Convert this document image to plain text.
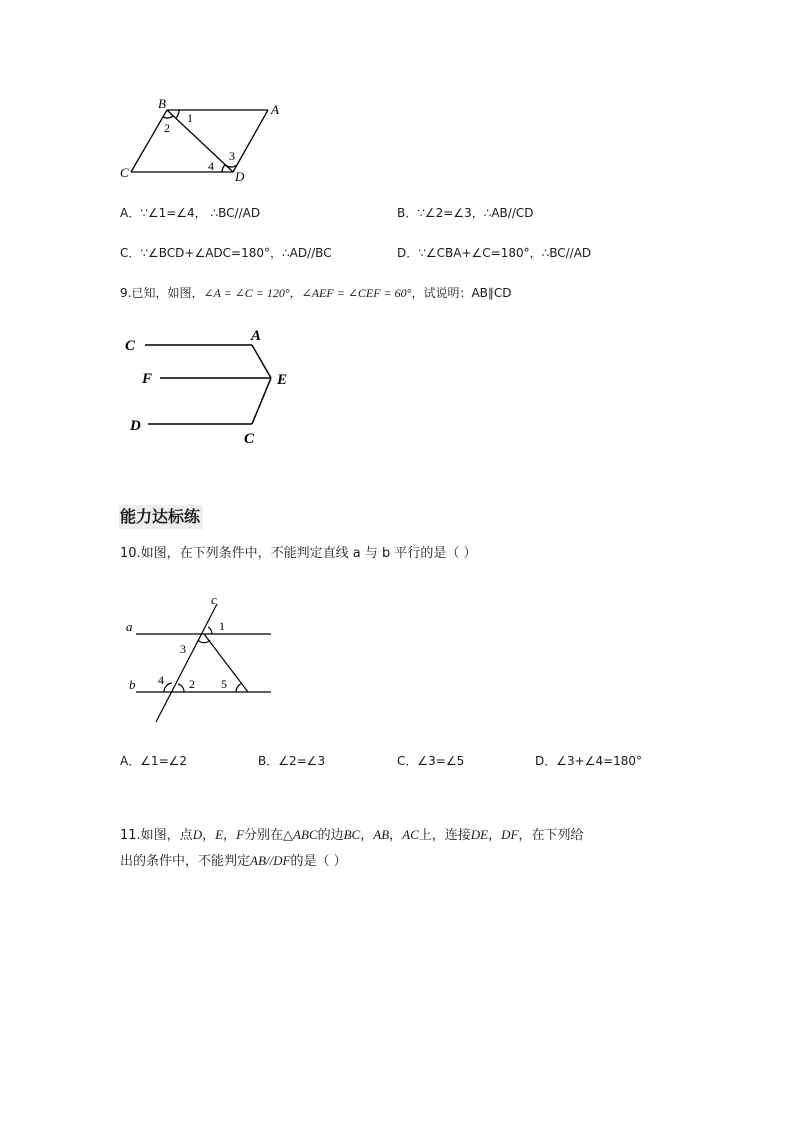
B	A
C	D
1
2
3
4
A．∵∠1=∠4， ∴BC//AD	B．∵∠2=∠3，∴AB//CD
C．∵∠BCD+∠ADC=180°，∴AD//BC	D．∵∠CBA+∠C=180°，∴BC//AD
9.已知，如图，∠A = ∠C = 120°，∠AEF = ∠CEF = 60°，试说明：AB∥CD
C
A
F	E
D
C
能力达标练
10.如图，在下列条件中，不能判定直线 a 与 b 平行的是（ ）
c
a
b
1
3
4 2 5
A．∠1=∠2	B．∠2=∠3	C．∠3=∠5	D．∠3+∠4=180°
11.如图，点D，E，F分别在△ABC的边BC，AB，AC上，连接DE，DF，在下列给
出的条件中，不能判定AB//DF的是（ ）
